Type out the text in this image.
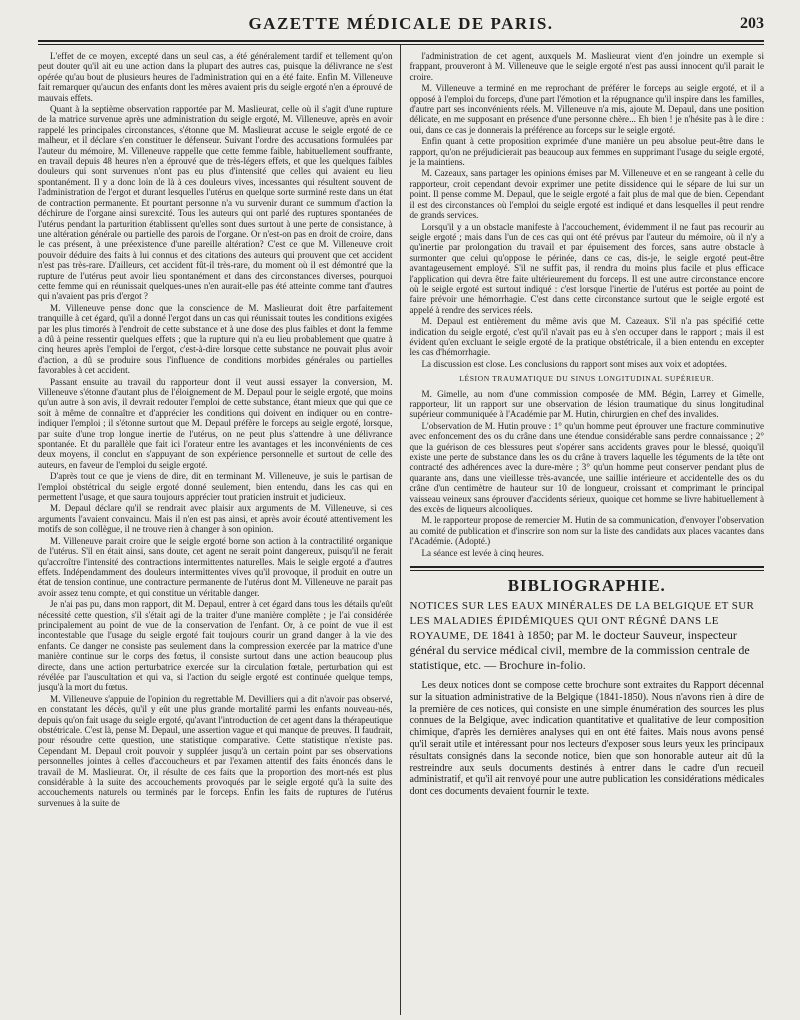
GAZETTE MÉDICALE DE PARIS.	203

L'effet de ce moyen, excepté dans un seul cas, a été généralement tardif et tellement qu'on peut douter qu'il ait eu une action dans la plupart des autres cas, puisque la délivrance ne s'est opérée qu'au bout de plusieurs heures de l'administration qui en a été faite. Enfin M. Villeneuve fait remarquer qu'aucun des enfants dont les mères avaient pris du seigle ergoté n'en a éprouvé de mauvais effets.

Quant à la septième observation rapportée par M. Maslieurat, celle où il s'agit d'une rupture de la matrice survenue après une administration du seigle ergoté, M. Villeneuve, après en avoir rappelé les principales circonstances, s'étonne que M. Maslieurat accuse le seigle ergoté de ce malheur, et il déclare s'en constituer le défenseur. Suivant l'ordre des accusations formulées par l'auteur du mémoire, M. Villeneuve rappelle que cette femme faible, habituellement souffrante, en travail depuis 48 heures n'en a éprouvé que de très-légers effets, et que les quelques faibles douleurs qui sont survenues n'ont pas eu plus d'intensité que celles qui avaient eu lieu spontanément. Il y a donc loin de là à ces douleurs vives, incessantes qui résultent souvent de l'administration de l'ergot et durant lesquelles l'utérus en quelque sorte surminé reste dans un état de contraction permanente. Et pourtant personne n'a vu survenir durant ce summum d'action la déchirure de l'organe ainsi surexcité. Tous les auteurs qui ont parlé des ruptures spontanées de l'utérus pendant la parturition établissent qu'elles sont dues surtout à une perte de consistance, à une altération générale ou partielle des parois de l'organe. Or n'est-on pas en droit de croire, dans le cas présent, à une préexistence d'une pareille altération? C'est ce que M. Villeneuve croit pouvoir déduire des faits à lui connus et des citations des auteurs qui prouvent que cet accident n'est pas très-rare. D'ailleurs, cet accident fût-il très-rare, du moment où il est démontré que la rupture de l'utérus peut avoir lieu spontanément et dans des circonstances diverses, pourquoi cette femme qui en réunissait quelques-unes n'en aurait-elle pas été atteinte comme tant d'autres qui n'avaient pas pris d'ergot ?

M. Villeneuve pense donc que la conscience de M. Maslieurat doit être parfaitement tranquille à cet égard, qu'il a donné l'ergot dans un cas qui réunissait toutes les conditions exigées par les plus timorés à l'endroit de cette substance et à une dose des plus faibles et dont la femme a dû à peine ressentir quelques effets ; que la rupture qui n'a eu lieu probablement que quatre à cinq heures après l'emploi de l'ergot, c'est-à-dire lorsque cette substance ne pouvait plus avoir d'action, a dû se produire sous l'influence de conditions morbides générales ou partielles favorables à cet accident.

Passant ensuite au travail du rapporteur dont il veut aussi essayer la conversion, M. Villeneuve s'étonne d'autant plus de l'éloignement de M. Depaul pour le seigle ergoté, que moins qu'un autre à son avis, il devrait redouter l'emploi de cette substance, étant mieux que qui que ce soit à même de connaître et d'apprécier les conditions qui doivent en indiquer ou en contre-indiquer l'emploi ; il s'étonne surtout que M. Depaul préfère le forceps au seigle ergoté, lorsque, par suite d'une trop longue inertie de l'utérus, on ne peut plus s'attendre à une délivrance spontanée. Et du parallèle que fait ici l'orateur entre les avantages et les inconvénients de ces deux moyens, il conclut en s'appuyant de son expérience personnelle et surtout de celle des auteurs, en faveur de l'emploi du seigle ergoté.

D'après tout ce que je viens de dire, dit en terminant M. Villeneuve, je suis le partisan de l'emploi obstétrical du seigle ergoté donné seulement, bien entendu, dans les cas qui en permettent l'usage, et que saura toujours apprécier tout praticien instruit et judicieux.

M. Depaul déclare qu'il se rendrait avec plaisir aux arguments de M. Villeneuve, si ces arguments l'avaient convaincu. Mais il n'en est pas ainsi, et après avoir écouté attentivement les motifs de son collègue, il ne trouve rien à changer à son opinion.

M. Villeneuve parait croire que le seigle ergoté borne son action à la contractilité organique de l'utérus. S'il en était ainsi, sans doute, cet agent ne serait point dangereux, puisqu'il ne ferait qu'accroître l'intensité des contractions intermittentes naturelles. Mais le seigle ergoté a d'autres effets. Indépendamment des douleurs intermittentes vives qu'il provoque, il produit en outre un état de tension continue, une contracture permanente de l'utérus dont M. Villeneuve ne parait pas avoir assez tenu compte, et qui constitue un véritable danger.

Je n'ai pas pu, dans mon rapport, dit M. Depaul, entrer à cet égard dans tous les détails qu'eût nécessité cette question, s'il s'était agi de la traiter d'une manière complète ; je l'ai considérée principalement au point de vue de la conservation de l'enfant. Or, à ce point de vue il est incontestable que l'usage du seigle ergoté fait toujours courir un grand danger à la vie des enfants. Ce danger ne consiste pas seulement dans la compression exercée par la matrice d'une manière continue sur le corps des fœtus, il consiste surtout dans une action beaucoup plus directe, dans une action perturbatrice exercée sur la circulation fœtale, perturbation qui est révélée par l'auscultation et qui va, si l'action du seigle ergoté est continuée quelque temps, jusqu'à la mort du fœtus.

M. Villeneuve s'appuie de l'opinion du regrettable M. Devilliers qui a dit n'avoir pas observé, en constatant les décès, qu'il y eût une plus grande mortalité parmi les enfants nouveau-nés, depuis qu'on fait usage du seigle ergoté, qu'avant l'introduction de cet agent dans la thérapeutique obstétricale. C'est là, pense M. Depaul, une assertion vague et qui manque de preuves. Il faudrait, pour résoudre cette question, une statistique comparative. Cette statistique n'existe pas. Cependant M. Depaul croit pouvoir y suppléer jusqu'à un certain point par ses observations personnelles jointes à celles d'accoucheurs et par l'examen attentif des faits énoncés dans le travail de M. Maslieurat. Or, il résulte de ces faits que la proportion des mort-nés est plus considérable à la suite des accouchements provoqués par le seigle ergoté qu'à la suite des accouchements naturels ou terminés par le forceps. Enfin les faits de ruptures de l'utérus survenues à la suite de

l'administration de cet agent, auxquels M. Maslieurat vient d'en joindre un exemple si frappant, prouveront à M. Villeneuve que le seigle ergoté n'est pas aussi innocent qu'il parait le croire.

M. Villeneuve a terminé en me reprochant de préférer le forceps au seigle ergoté, et il a opposé à l'emploi du forceps, d'une part l'émotion et la répugnance qu'il inspire dans les familles, d'autre part ses inconvénients réels. M. Villeneuve n'a mis, ajoute M. Depaul, dans une position délicate, en me supposant en présence d'une personne chère... Eh bien ! je n'hésite pas à le dire : oui, dans ce cas je donnerais la préférence au forceps sur le seigle ergoté.

Enfin quant à cette proposition exprimée d'une manière un peu absolue peut-être dans le rapport, qu'on ne préjudicierait pas beaucoup aux femmes en supprimant l'usage du seigle ergoté, je la maintiens.

M. Cazeaux, sans partager les opinions émises par M. Villeneuve et en se rangeant à celle du rapporteur, croit cependant devoir exprimer une petite dissidence qui le sépare de lui sur un point. Il pense comme M. Depaul, que le seigle ergoté a fait plus de mal que de bien. Cependant il est des circonstances où l'emploi du seigle ergoté est indiqué et dans lesquelles il peut rendre de grands services.

Lorsqu'il y a un obstacle manifeste à l'accouchement, évidemment il ne faut pas recourir au seigle ergoté ; mais dans l'un de ces cas qui ont été prévus par l'auteur du mémoire, où il n'y a qu'inertie par prolongation du travail et par épuisement des forces, sans autre obstacle à surmonter que celui qu'oppose le périnée, dans ce cas, dis-je, le seigle ergoté peut-être avantageusement employé. S'il ne suffit pas, il rendra du moins plus facile et plus efficace l'application qui devra être faite ultérieurement du forceps. Il est une autre circonstance encore où le seigle ergoté est surtout indiqué : c'est lorsque l'inertie de l'utérus est portée au point de faire prévoir une hémorrhagie. C'est dans cette circonstance surtout que le seigle ergoté est appelé à rendre des services réels.

M. Depaul est entièrement du même avis que M. Cazeaux. S'il n'a pas spécifié cette indication du seigle ergoté, c'est qu'il n'avait pas eu à s'en occuper dans le rapport ; mais il est évident qu'en excluant le seigle ergoté de la pratique obstétricale, il a bien entendu en excepter les cas d'hémorrhagie.

La discussion est close. Les conclusions du rapport sont mises aux voix et adoptées.

LÉSION TRAUMATIQUE DU SINUS LONGITUDINAL SUPÉRIEUR.

M. Gimelle, au nom d'une commission composée de MM. Bégin, Larrey et Gimelle, rapporteur, lit un rapport sur une observation de lésion traumatique du sinus longitudinal supérieur communiquée à l'Académie par M. Hutin, chirurgien en chef des invalides.

L'observation de M. Hutin prouve : 1° qu'un homme peut éprouver une fracture comminutive avec enfoncement des os du crâne dans une étendue considérable sans perdre connaissance ; 2° que la guérison de ces blessures peut s'opérer sans accidents graves pour le blessé, quoiqu'il existe une perte de substance dans les os du crâne à travers laquelle les téguments de la tête ont contracté des adhérences avec la dure-mère ; 3° qu'un homme peut conserver pendant plus de quarante ans, dans une vieillesse très-avancée, une saillie intérieure et accidentelle des os du crâne d'un centimètre de hauteur sur 10 de longueur, croissant et comprimant le principal vaisseau veineux sans éprouver d'accidents sérieux, quoique cet homme se livre habituellement à des excès de liqueurs alcooliques.

M. le rapporteur propose de remercier M. Hutin de sa communication, d'envoyer l'observation au comité de publication et d'inscrire son nom sur la liste des candidats aux places vacantes dans l'Académie. (Adopté.)

La séance est levée à cinq heures.

BIBLIOGRAPHIE.
NOTICES SUR LES EAUX MINÉRALES DE LA BELGIQUE ET SUR LES MALADIES ÉPIDÉMIQUES QUI ONT RÉGNÉ DANS LE ROYAUME, DE 1841 à 1850; par M. le docteur Sauveur, inspecteur général du service médical civil, membre de la commission centrale de statistique, etc. — Brochure in-folio.

Les deux notices dont se compose cette brochure sont extraites du Rapport décennal sur la situation administrative de la Belgique (1841-1850). Nous n'avons rien à dire de la première de ces notices, qui consiste en une simple énumération des sources les plus connues de la Belgique, avec indication quantitative et qualitative de leur composition chimique, d'après les dernières analyses qui en ont été faites. Mais nous avons pensé qu'il serait utile et intéressant pour nos lecteurs d'exposer sous leurs yeux les principaux résultats consignés dans la seconde notice, bien que son honorable auteur ait dû la restreindre aux seuls documents destinés à entrer dans le cadre d'un recueil administratif, et qu'il ait renvoyé pour une autre publication les considérations médicales dont ces documents devaient fournir le texte.
